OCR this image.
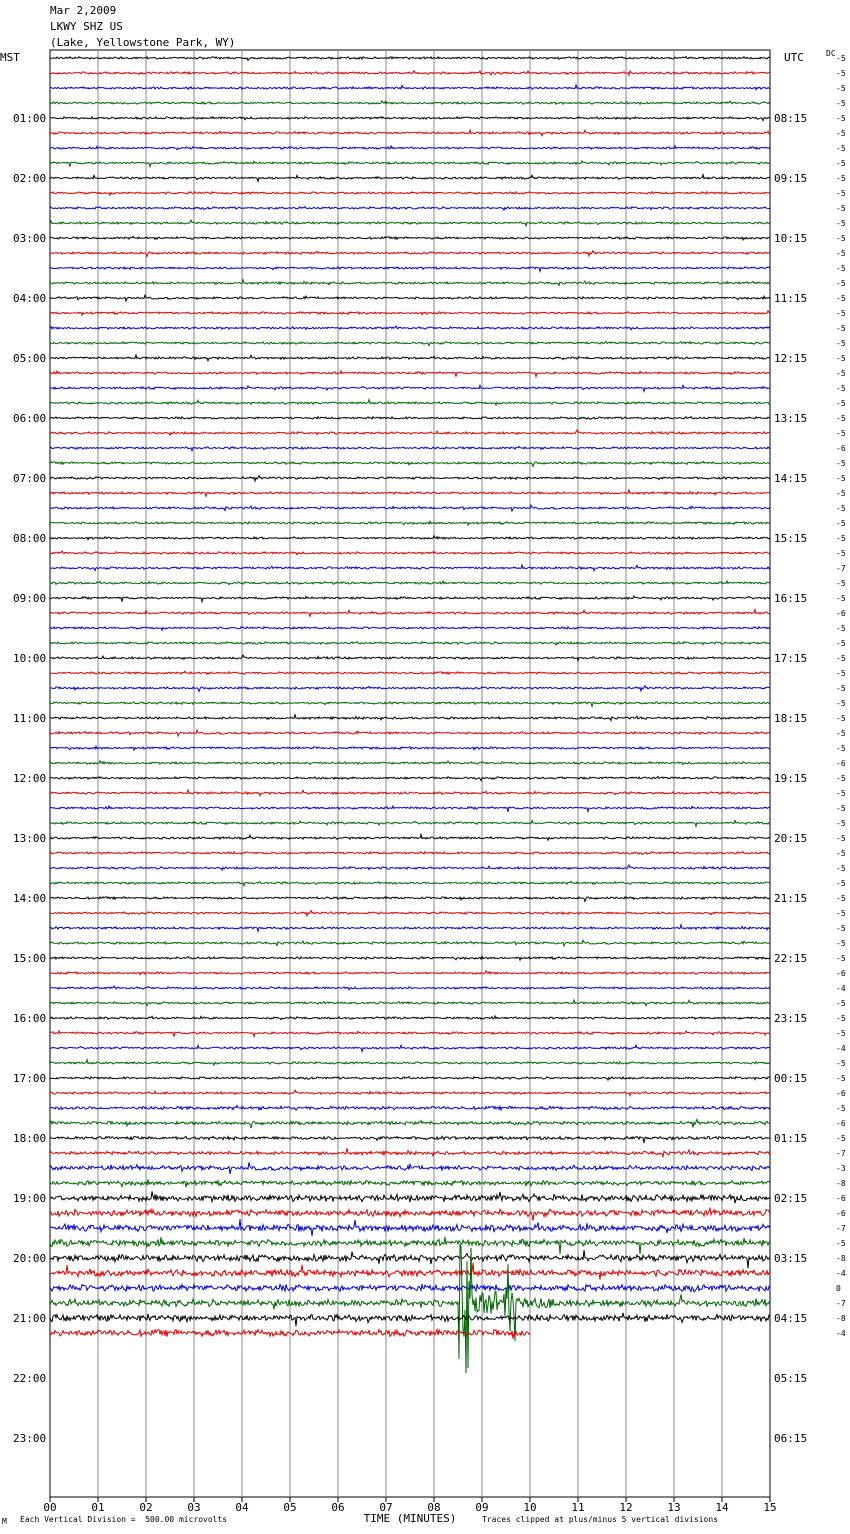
Mar 2,2009
LKWY SHZ US
(Lake, Yellowstone Park, WY)
MST	UTC	DC
01:00
02:00
03:00
04:00
05:00
06:00
07:00
08:00
09:00
10:00
11:00
12:00
13:00
14:00
15:00
16:00
17:00
18:00
19:00
20:00
21:00
22:00
23:00
08:15
09:15
10:15
11:15
12:15
13:15
14:15
15:15
16:15
17:15
18:15
19:15
20:15
21:15
22:15
23:15
00:15
01:15
02:15
03:15
04:15
05:15
06:15
00	01	02	03	04	05	06	07	08	09	10	11	12	13	14	15
TIME (MINUTES)
-5
-5
-5
-5
-5
-5
-5
-5
-5
-5
-5
-5
-5
-5
-5
-5
-5
-5
-5
-5
-5
-5
-5
-5
-5
-5
-6
-5
-5
-5
-5
-5
-5
-5
-7
-5
-5
-6
-5
-5
-5
-5
-5
-5
-5
-5
-5
-6
-5
-5
-5
-5
-5
-5
-5
-5
-5
-5
-5
-5
-5
-6
-4
-5
-5
-5
-4
-5
-5
-6
-5
-6
-5
-7
-3
-8
-6
-6
-7
-5
-8
-4
0
-7
-8
-4
M Each Vertical Division =  500.00 microvolts	Traces clipped at plus/minus 5 vertical divisions
